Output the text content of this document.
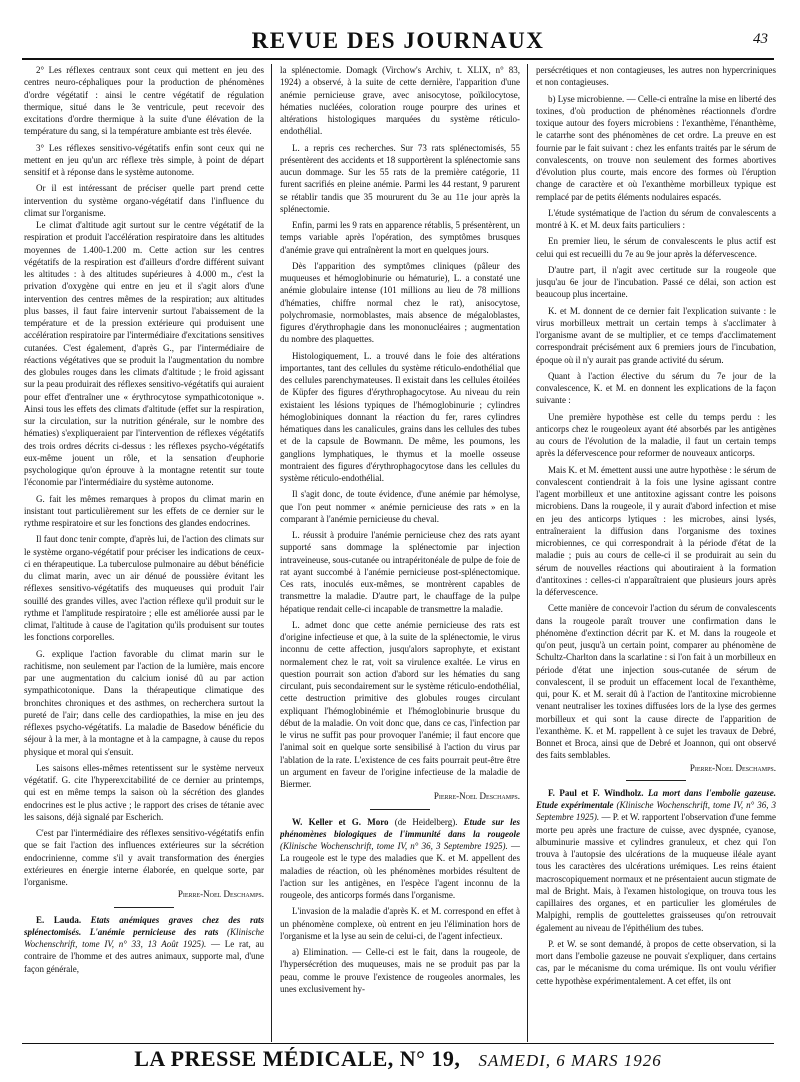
REVUE DES JOURNAUX	43

2° Les réflexes centraux sont ceux qui mettent en jeu des centres neuro-céphaliques pour la production de phénomènes d'ordre végétatif : ainsi le centre végétatif de régulation thermique, situé dans le 3e ventricule, peut recevoir des excitations d'ordre thermique à la suite d'une élévation de la température du sang, si la température ambiante est très élevée.

3° Les réflexes sensitivo-végétatifs enfin sont ceux qui ne mettent en jeu qu'un arc réflexe très simple, à point de départ sensitif et à réponse dans le système autonome.

Or il est intéressant de préciser quelle part prend cette intervention du système organo-végétatif dans l'influence du climat sur l'organisme.

Le climat d'altitude agit surtout sur le centre végétatif de la respiration et produit l'accélération respiratoire dans les altitudes moyennes de 1.400-1.200 m. Cette action sur les centres végétatifs de la respiration est d'ailleurs d'ordre différent suivant les altitudes : à des altitudes supérieures à 4.000 m., c'est la privation d'oxygène qui entre en jeu et il s'agit alors d'une intervention des centres mêmes de la respiration; aux altitudes plus basses, il faut faire intervenir surtout l'abaissement de la température et de la pression extérieure qui produisent une accélération respiratoire par l'intermédiaire d'excitations sensitives cutanées. C'est également, d'après G., par l'intermédiaire de réactions végétatives que se produit la l'augmentation du nombre des globules rouges dans les climats d'altitude ; le froid agissant sur la peau produirait des réflexes sensitivo-végétatifs qui auraient pour effet d'entraîner une « érythrocytose sympathicotonique ». Ainsi tous les effets des climats d'altitude (effet sur la respiration, sur la circulation, sur la nutrition générale, sur le nombre des hématies) s'expliqueraient par l'intervention de réflexes végétatifs des trois ordres décrits ci-dessus : les réflexes psycho-végétatifs eux-même jouent un rôle, et la sensation d'euphorie psychologique qu'on éprouve à la montagne retentit sur toute l'économie par l'intermédiaire du système autonome.

G. fait les mêmes remarques à propos du climat marin en insistant tout particulièrement sur les effets de ce dernier sur le rythme respiratoire et sur les fonctions des glandes endocrines.

Il faut donc tenir compte, d'après lui, de l'action des climats sur le système organo-végétatif pour préciser les indications de ceux-ci en thérapeutique. La tuberculose pulmonaire au début bénéficie du climat marin, avec un air dénué de poussière évitant les réflexes sensitivo-végétatifs des muqueuses qui produit l'air souillé des grandes villes, avec l'action réflexe qu'il produit sur le rythme et l'amplitude respiratoire ; elle est améliorée aussi par le climat, l'altitude à cause de l'agitation qu'ils produisent sur toutes les fonctions corporelles.

G. explique l'action favorable du climat marin sur le rachitisme, non seulement par l'action de la lumière, mais encore par une augmentation du calcium ionisé dû au par action sympathicotonique. Dans la thérapeutique climatique des bronchites chroniques et des asthmes, on recherchera surtout la pureté de l'air; dans celle des cardiopathies, la mise en jeu des réflexes psycho-végétatifs. La maladie de Basedow bénéficie du séjour à la mer, à la montagne et à la campagne, à cause du repos physique et moral qui s'ensuit.

Les saisons elles-mêmes retentissent sur le système nerveux végétatif. G. cite l'hyperexcitabilité de ce dernier au printemps, qui est en même temps la saison où la sécrétion des glandes endocrines est le plus active ; le rapport des crises de tétanie avec les saisons, déjà signalé par Escherich.

C'est par l'intermédiaire des réflexes sensitivo-végétatifs enfin que se fait l'action des influences extérieures sur la sécrétion endocrinienne, comme s'il y avait transformation des énergies extérieures en énergie interne élaborée, en quelque sorte, par l'organisme.

Pierre-Noel Deschamps.

E. Lauda. Etats anémiques graves chez des rats splénectomisés. L'anémie pernicieuse des rats (Klinische Wochenschrift, tome IV, n° 33, 13 Août 1925). — Le rat, au contraire de l'homme et des autres animaux, supporte mal, d'une façon générale,

la splénectomie. Domagk (Virchow's Archiv, t. XLIX, n° 83, 1924) a observé, à la suite de cette dernière, l'apparition d'une anémie pernicieuse grave, avec anisocytose, poïkilocytose, hématies nucléées, coloration rouge pourpre des urines et altérations histologiques marquées du système réticulo-endothélial.

L. a repris ces recherches. Sur 73 rats splénectomisés, 55 présentèrent des accidents et 18 supportèrent la splénectomie sans aucun dommage. Sur les 55 rats de la première catégorie, 11 furent sacrifiés en pleine anémie. Parmi les 44 restant, 9 parurent se rétablir tandis que 35 moururent du 3e au 11e jour après la splénectomie.

Enfin, parmi les 9 rats en apparence rétablis, 5 présentèrent, un temps variable après l'opération, des symptômes brusques d'anémie grave qui entraînèrent la mort en quelques jours.

Dès l'apparition des symptômes cliniques (pâleur des muqueuses et hémoglobinurie ou hématurie), L. a constaté une anémie globulaire intense (101 millions au lieu de 78 millions d'hématies, chiffre normal chez le rat), anisocytose, polychromasie, normoblastes, mais absence de mégaloblastes, figures d'érythrophagie dans les mononucléaires ; augmentation du nombre des plaquettes.

Histologiquement, L. a trouvé dans le foie des altérations importantes, tant des cellules du système réticulo-endothélial que des cellules parenchymateuses. Il existait dans les cellules étoilées de Küpfer des figures d'érythrophagocytose. Au niveau du rein existaient les lésions typiques de l'hémoglobinurie ; cylindres hémoglobiniques donnant la réaction du fer, rares cylindres hématiques dans les canalicules, grains dans les cellules des tubes et de la capsule de Bowmann. De même, les poumons, les ganglions lymphatiques, le thymus et la moelle osseuse montraient des figures d'érythrophagocytose dans les cellules du système réticulo-endothélial.

Il s'agit donc, de toute évidence, d'une anémie par hémolyse, que l'on peut nommer « anémie pernicieuse des rats » en la comparant à l'anémie pernicieuse du cheval.

L. réussit à produire l'anémie pernicieuse chez des rats ayant supporté sans dommage la splénectomie par injection intraveineuse, sous-cutanée ou intrapéritonéale de pulpe de foie de rat ayant succombé à l'anémie pernicieuse post-splénectomique. Ces rats, inoculés eux-mêmes, se montrèrent capables de transmettre la maladie. D'autre part, le chauffage de la pulpe hépatique rendait celle-ci incapable de transmettre la maladie.

L. admet donc que cette anémie pernicieuse des rats est d'origine infectieuse et que, à la suite de la splénectomie, le virus inconnu de cette affection, jusqu'alors saprophyte, et existant normalement chez le rat, voit sa virulence exaltée. Le virus en question pourrait son action d'abord sur les hématies du sang circulant, puis secondairement sur le système réticulo-endothélial, cette destruction primitive des globules rouges circulant expliquant l'hémoglobinémie et l'hémoglobinurie brusque du début de la maladie. On voit donc que, dans ce cas, l'infection par le virus ne suffit pas pour provoquer l'anémie; il faut encore que l'animal soit en quelque sorte sensibilisé à l'action du virus par l'ablation de la rate. L'existence de ces faits pourrait peut-être être un argument en faveur de l'origine infectieuse de la maladie de Biermer.

Pierre-Noel Deschamps.

W. Keller et G. Moro (de Heidelberg). Etude sur les phénomènes biologiques de l'immunité dans la rougeole (Klinische Wochenschrift, tome IV, n° 36, 3 Septembre 1925). — La rougeole est le type des maladies que K. et M. appellent des maladies de réaction, où les phénomènes morbides résultent de l'action sur les antigènes, en l'espèce l'agent inconnu de la rougeole, des anticorps formés dans l'organisme.

L'invasion de la maladie d'après K. et M. correspond en effet à un phénomène complexe, où entrent en jeu l'élimination hors de l'organisme et la lyse au sein de celui-ci, de l'agent infectieux.

a) Elimination. — Celle-ci est le fait, dans la rougeole, de l'hypersécrétion des muqueuses, mais ne se produit pas par la peau, comme le prouve l'existence de rougeoles anormales, les unes exclusivement hy-

persécrétiques et non contagieuses, les autres non hypercriniques et non contagieuses.

b) Lyse microbienne. — Celle-ci entraîne la mise en liberté des toxines, d'où production de phénomènes réactionnels d'ordre toxique autour des foyers microbiens : l'exanthème, l'énanthème, le catarrhe sont des phénomènes de cet ordre. La preuve en est fournie par le fait suivant : chez les enfants traités par le sérum de convalescents, on trouve non seulement des formes abortives d'évolution plus courte, mais encore des formes où l'éruption change de caractère et où l'exanthème morbilleux typique est remplacé par de petits éléments nodulaires espacés.

L'étude systématique de l'action du sérum de convalescents a montré à K. et M. deux faits particuliers :

En premier lieu, le sérum de convalescents le plus actif est celui qui est recueilli du 7e au 9e jour après la défervescence.

D'autre part, il n'agit avec certitude sur la rougeole que jusqu'au 6e jour de l'incubation. Passé ce délai, son action est beaucoup plus incertaine.

K. et M. donnent de ce dernier fait l'explication suivante : le virus morbilleux mettrait un certain temps à s'acclimater à l'organisme avant de se multiplier, et ce temps d'acclimatement correspondrait précisément aux 6 premiers jours de l'incubation, époque où il n'y aurait pas grande activité du sérum.

Quant à l'action élective du sérum du 7e jour de la convalescence, K. et M. en donnent les explications de la façon suivante :

Une première hypothèse est celle du temps perdu : les anticorps chez le rougeoleux ayant été absorbés par les antigènes au cours de l'évolution de la maladie, il faut un certain temps après la défervescence pour reformer de nouveaux anticorps.

Mais K. et M. émettent aussi une autre hypothèse : le sérum de convalescent contiendrait à la fois une lysine agissant contre l'agent morbilleux et une antitoxine agissant contre les poisons microbiens. Dans la rougeole, il y aurait d'abord infection et mise en jeu des anticorps lytiques : les microbes, ainsi lysés, entraîneraient la diffusion dans l'organisme des toxines microbiennes, ce qui correspondrait à la période d'état de la maladie ; puis au cours de celle-ci il se produirait au sein du sérum de nouvelles réactions qui aboutiraient à la formation d'antitoxines : celles-ci n'apparaîtraient que plusieurs jours après la défervescence.

Cette manière de concevoir l'action du sérum de convalescents dans la rougeole paraît trouver une confirmation dans le phénomène d'extinction décrit par K. et M. dans la rougeole et qu'on peut, jusqu'à un certain point, comparer au phénomène de Schultz-Charlton dans la scarlatine : si l'on fait à un morbilleux en période d'état une injection sous-cutanée de sérum de convalescent, il se produit un effacement local de l'exanthème, qui, pour K. et M. serait dû à l'action de l'antitoxine microbienne venant neutraliser les toxines diffusées lors de la lyse des germes morbilleux et qui sont la cause directe de l'apparition de l'exanthème. K. et M. rappellent à ce sujet les travaux de Debré, Bonnet et Broca, ainsi que de Debré et Joannon, qui ont observé des faits semblables.

Pierre-Noel Deschamps.

F. Paul et F. Windholz. La mort dans l'embolie gazeuse. Etude expérimentale (Klinische Wochenschrift, tome IV, n° 36, 3 Septembre 1925). — P. et W. rapportent l'observation d'une femme morte peu après une fracture de cuisse, avec dyspnée, cyanose, albuminurie massive et cylindres granuleux, et chez qui l'on trouva à l'autopsie des ulcérations de la muqueuse iléale ayant tous les caractères des ulcérations urémiques. Les reins étaient macroscopiquement normaux et ne présentaient aucun stigmate de mal de Bright. Mais, à l'examen histologique, on trouva tous les capillaires des organes, et en particulier les glomérules de Malpighi, remplis de gouttelettes graisseuses qu'on retrouvait également au niveau de l'épithélium des tubes.

P. et W. se sont demandé, à propos de cette observation, si la mort dans l'embolie gazeuse ne pouvait s'expliquer, dans certains cas, par le mécanisme du coma urémique. Ils ont voulu vérifier cette hypothèse expérimentalement. A cet effet, ils ont

LA PRESSE MÉDICALE, N° 19, SAMEDI, 6 MARS 1926
